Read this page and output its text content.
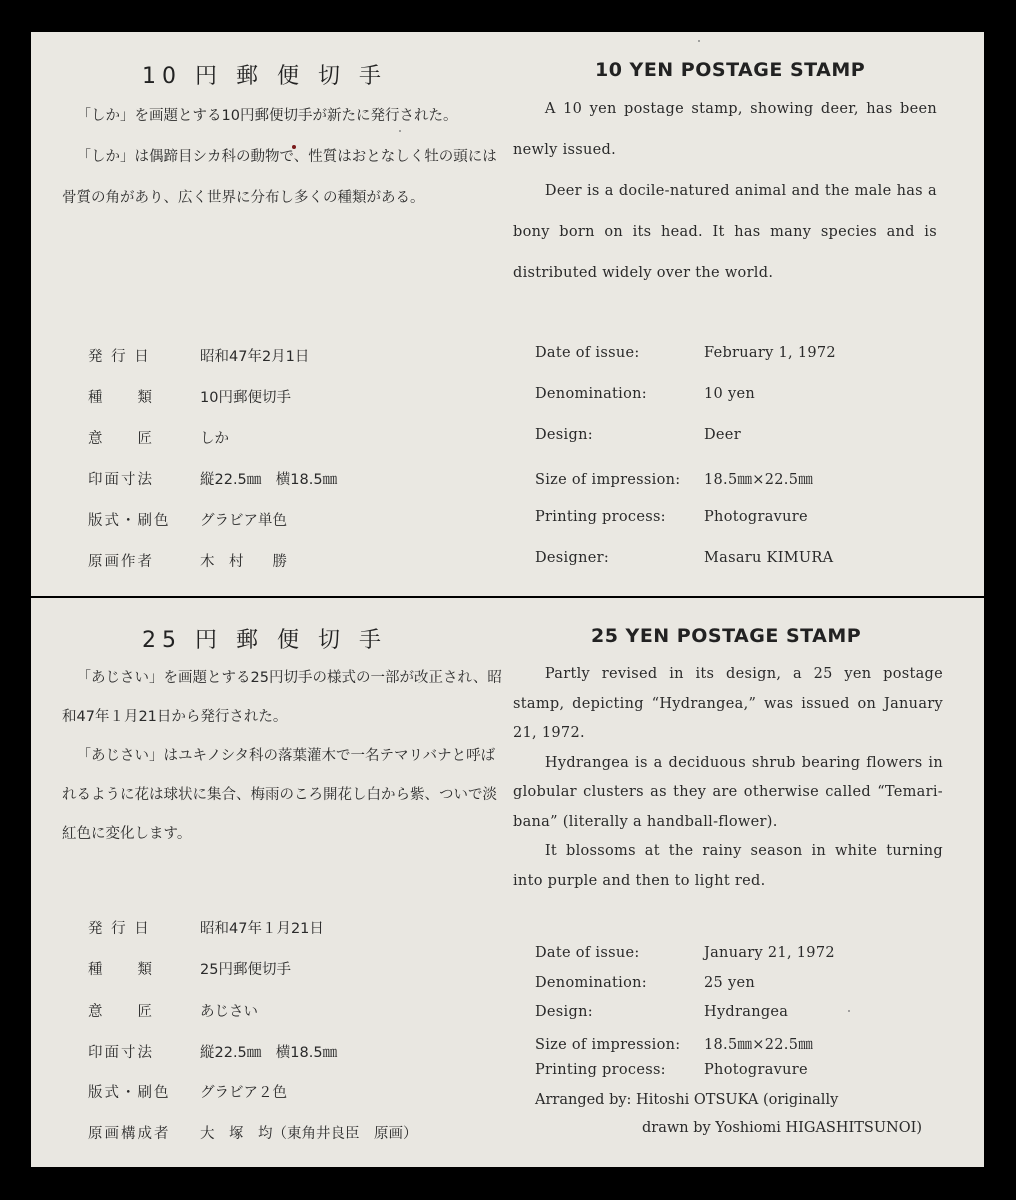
10 円 郵 便 切 手

「しか」を画題とする10円郵便切手が新たに発行された。

「しか」は偶蹄目シカ科の動物で、性質はおとなしく牡の頭には骨質の角があり、広く世界に分布し多くの種類がある。

発 行 日	昭和47年2月1日
種　　類	10円郵便切手
意　　匠	しか
印面寸法	縦22.5㎜　横18.5㎜
版式・刷色 グラビア単色
原画作者	木　村　　勝
10 YEN POSTAGE STAMP

A 10 yen postage stamp, showing deer, has been newly issued.

Deer is a docile-natured animal and the male has a bony born on its head. It has many species and is distributed widely over the world.

Date of issue:	February 1, 1972
Denomination:	10 yen
Design:	Deer
Size of impression: 18.5㎜×22.5㎜
Printing process:	Photogravure
Designer:	Masaru KIMURA
25 円 郵 便 切 手

「あじさい」を画題とする25円切手の様式の一部が改正され、昭和47年１月21日から発行された。

「あじさい」はユキノシタ科の落葉灌木で一名テマリバナと呼ばれるように花は球状に集合、梅雨のころ開花し白から紫、ついで淡紅色に変化します。

発 行 日	昭和47年１月21日
種　　類	25円郵便切手
意　　匠	あじさい
印面寸法	縦22.5㎜　横18.5㎜
版式・刷色 グラビア２色
原画構成者 大　塚　均（東角井良臣　原画）
25 YEN POSTAGE STAMP

Partly revised in its design, a 25 yen postage stamp, depicting “Hydrangea,” was issued on January 21, 1972.

Hydrangea is a deciduous shrub bearing flowers in globular clusters as they are otherwise called “Temari-bana” (literally a handball-flower).

It blossoms at the rainy season in white turning into purple and then to light red.

Date of issue:	January 21, 1972
Denomination:	25 yen
Design:	Hydrangea
Size of impression: 18.5㎜×22.5㎜
Printing process:	Photogravure
Arranged by: Hitoshi OTSUKA (originally
drawn by Yoshiomi HIGASHITSUNOI)
